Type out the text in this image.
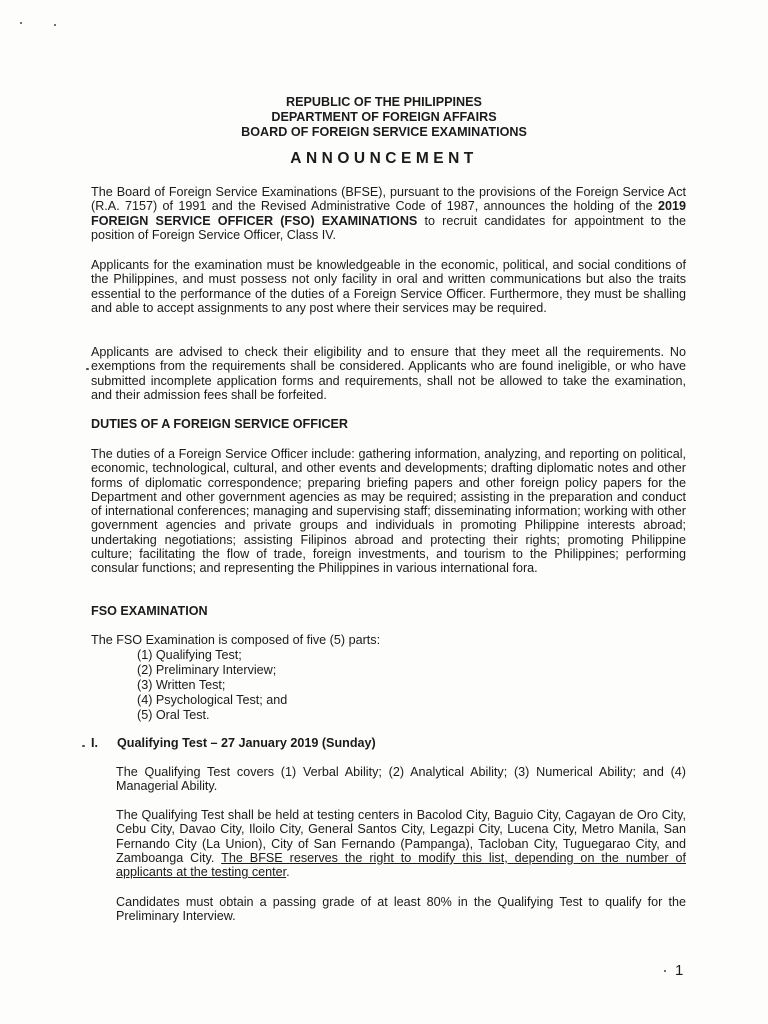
REPUBLIC OF THE PHILIPPINES
DEPARTMENT OF FOREIGN AFFAIRS
BOARD OF FOREIGN SERVICE EXAMINATIONS
ANNOUNCEMENT
The Board of Foreign Service Examinations (BFSE), pursuant to the provisions of the Foreign Service Act (R.A. 7157) of 1991 and the Revised Administrative Code of 1987, announces the holding of the 2019 FOREIGN SERVICE OFFICER (FSO) EXAMINATIONS to recruit candidates for appointment to the position of Foreign Service Officer, Class IV.
Applicants for the examination must be knowledgeable in the economic, political, and social conditions of the Philippines, and must possess not only facility in oral and written communications but also the traits essential to the performance of the duties of a Foreign Service Officer. Furthermore, they must be shalling and able to accept assignments to any post where their services may be required.
Applicants are advised to check their eligibility and to ensure that they meet all the requirements. No exemptions from the requirements shall be considered. Applicants who are found ineligible, or who have submitted incomplete application forms and requirements, shall not be allowed to take the examination, and their admission fees shall be forfeited.
DUTIES OF A FOREIGN SERVICE OFFICER
The duties of a Foreign Service Officer include: gathering information, analyzing, and reporting on political, economic, technological, cultural, and other events and developments; drafting diplomatic notes and other forms of diplomatic correspondence; preparing briefing papers and other foreign policy papers for the Department and other government agencies as may be required; assisting in the preparation and conduct of international conferences; managing and supervising staff; disseminating information; working with other government agencies and private groups and individuals in promoting Philippine interests abroad; undertaking negotiations; assisting Filipinos abroad and protecting their rights; promoting Philippine culture; facilitating the flow of trade, foreign investments, and tourism to the Philippines; performing consular functions; and representing the Philippines in various international fora.
FSO EXAMINATION
The FSO Examination is composed of five (5) parts:
(1) Qualifying Test;
(2) Preliminary Interview;
(3) Written Test;
(4) Psychological Test; and
(5) Oral Test.
I. Qualifying Test – 27 January 2019 (Sunday)
The Qualifying Test covers (1) Verbal Ability; (2) Analytical Ability; (3) Numerical Ability; and (4) Managerial Ability.
The Qualifying Test shall be held at testing centers in Bacolod City, Baguio City, Cagayan de Oro City, Cebu City, Davao City, Iloilo City, General Santos City, Legazpi City, Lucena City, Metro Manila, San Fernando City (La Union), City of San Fernando (Pampanga), Tacloban City, Tuguegarao City, and Zamboanga City. The BFSE reserves the right to modify this list, depending on the number of applicants at the testing center.
Candidates must obtain a passing grade of at least 80% in the Qualifying Test to qualify for the Preliminary Interview.
1
